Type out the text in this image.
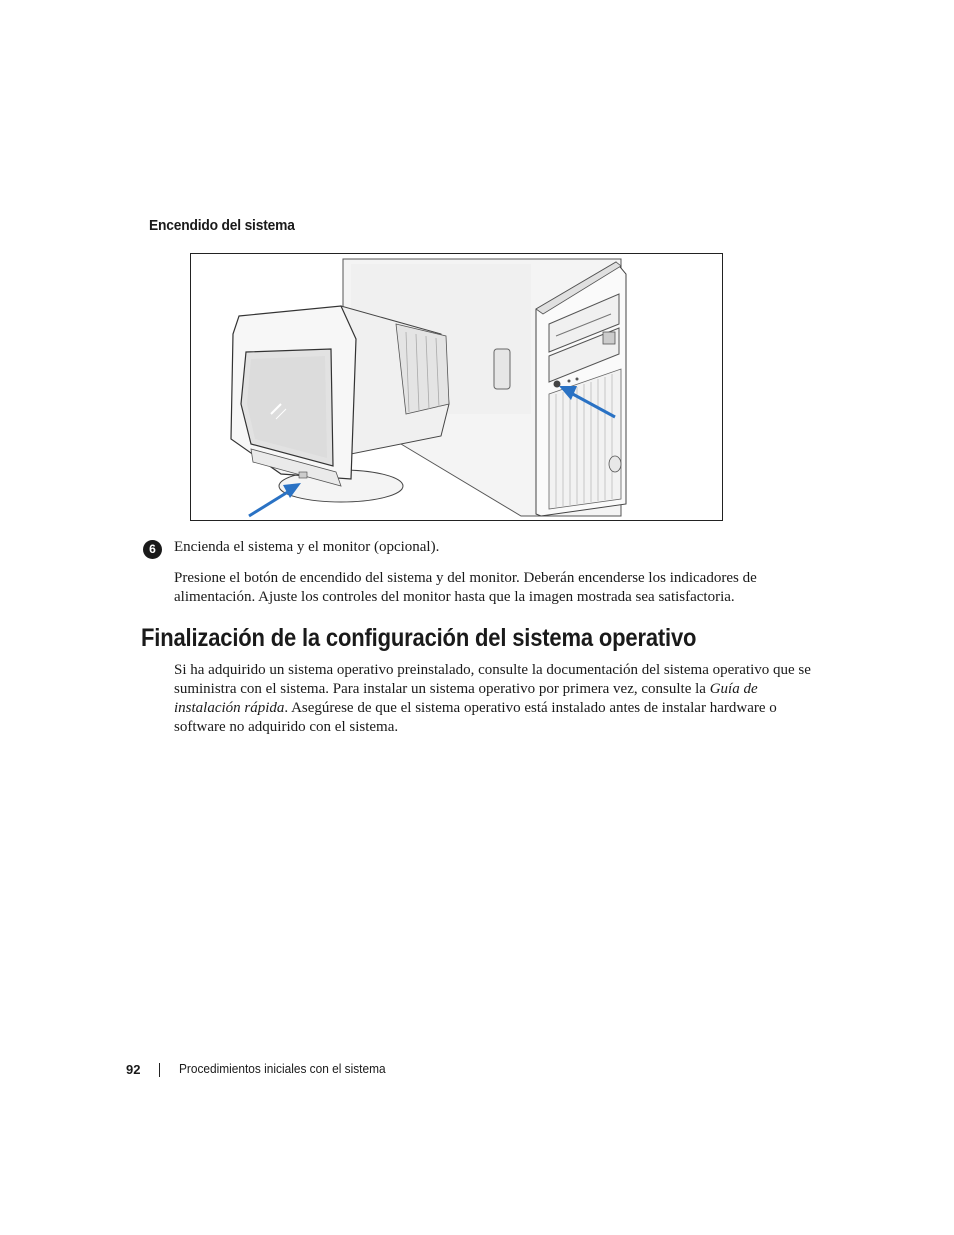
Encendido del sistema
6	Encienda el sistema y el monitor (opcional).

Presione el botón de encendido del sistema y del monitor. Deberán encenderse los indicadores de alimentación. Ajuste los controles del monitor hasta que la imagen mostrada sea satisfactoria.

Finalización de la configuración del sistema operativo

Si ha adquirido un sistema operativo preinstalado, consulte la documentación del sistema operativo que se suministra con el sistema. Para instalar un sistema operativo por primera vez, consulte la Guía de instalación rápida. Asegúrese de que el sistema operativo está instalado antes de instalar hardware o software no adquirido con el sistema.

92	Procedimientos iniciales con el sistema
